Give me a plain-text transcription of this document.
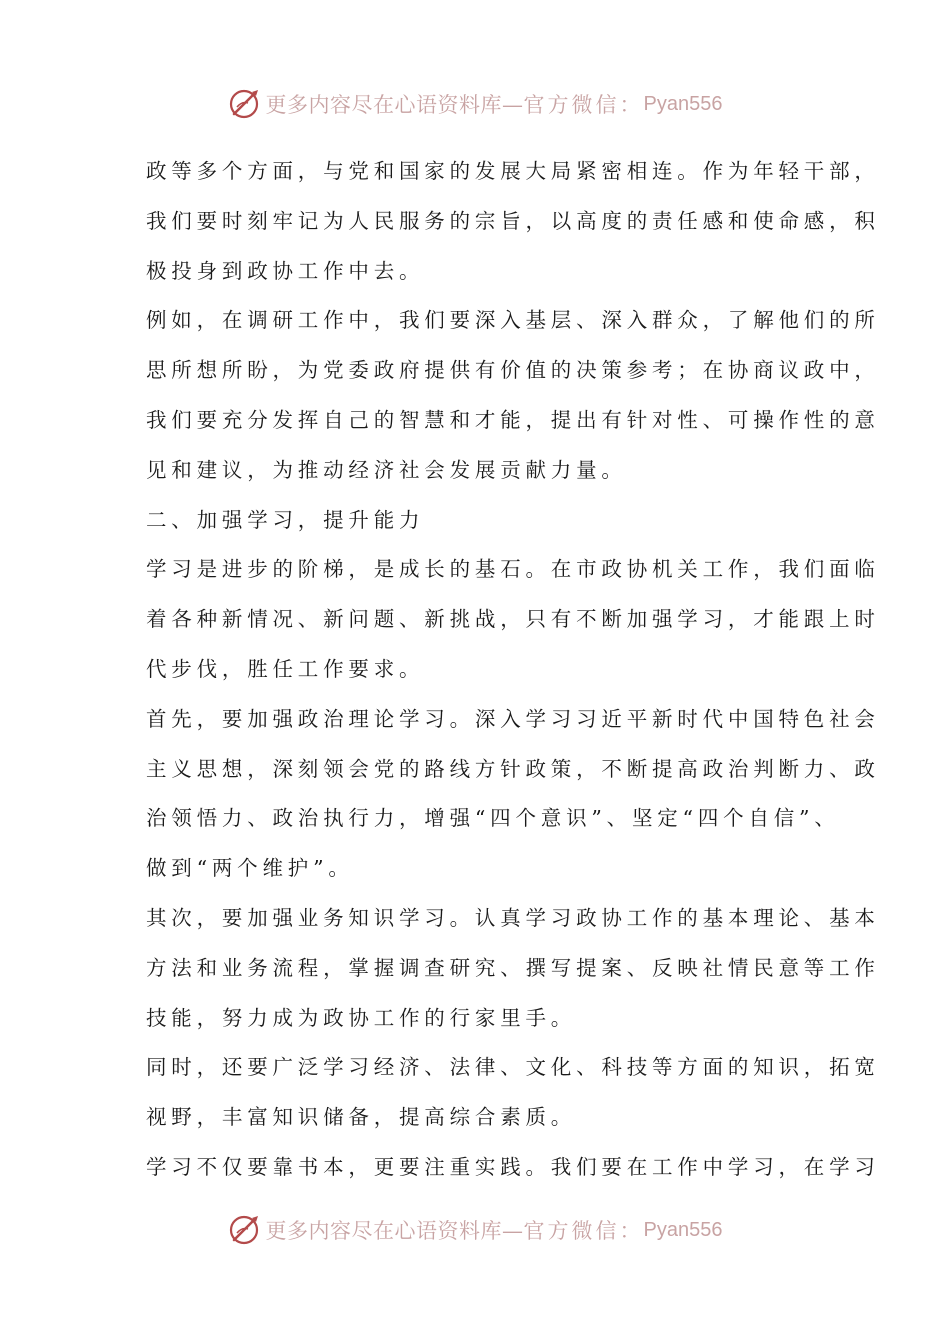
更多内容尽在心语资料库— 官方微信： Pyan556
政等多个方面，与党和国家的发展大局紧密相连。作为年轻干部，
我们要时刻牢记为人民服务的宗旨，以高度的责任感和使命感，积
极投身到政协工作中去。
例如，在调研工作中，我们要深入基层、深入群众，了解他们的所
思所想所盼，为党委政府提供有价值的决策参考；在协商议政中，
我们要充分发挥自己的智慧和才能，提出有针对性、可操作性的意
见和建议，为推动经济社会发展贡献力量。
二、加强学习，提升能力
学习是进步的阶梯，是成长的基石。在市政协机关工作，我们面临
着各种新情况、新问题、新挑战，只有不断加强学习，才能跟上时
代步伐，胜任工作要求。
首先，要加强政治理论学习。深入学习习近平新时代中国特色社会
主义思想，深刻领会党的路线方针政策，不断提高政治判断力、政
治领悟力、政治执行力，增强“四个意识”、坚定“四个自信”、
做到“两个维护”。
其次，要加强业务知识学习。认真学习政协工作的基本理论、基本
方法和业务流程，掌握调查研究、撰写提案、反映社情民意等工作
技能，努力成为政协工作的行家里手。
同时，还要广泛学习经济、法律、文化、科技等方面的知识，拓宽
视野，丰富知识储备，提高综合素质。
学习不仅要靠书本，更要注重实践。我们要在工作中学习，在学习
更多内容尽在心语资料库— 官方微信： Pyan556
